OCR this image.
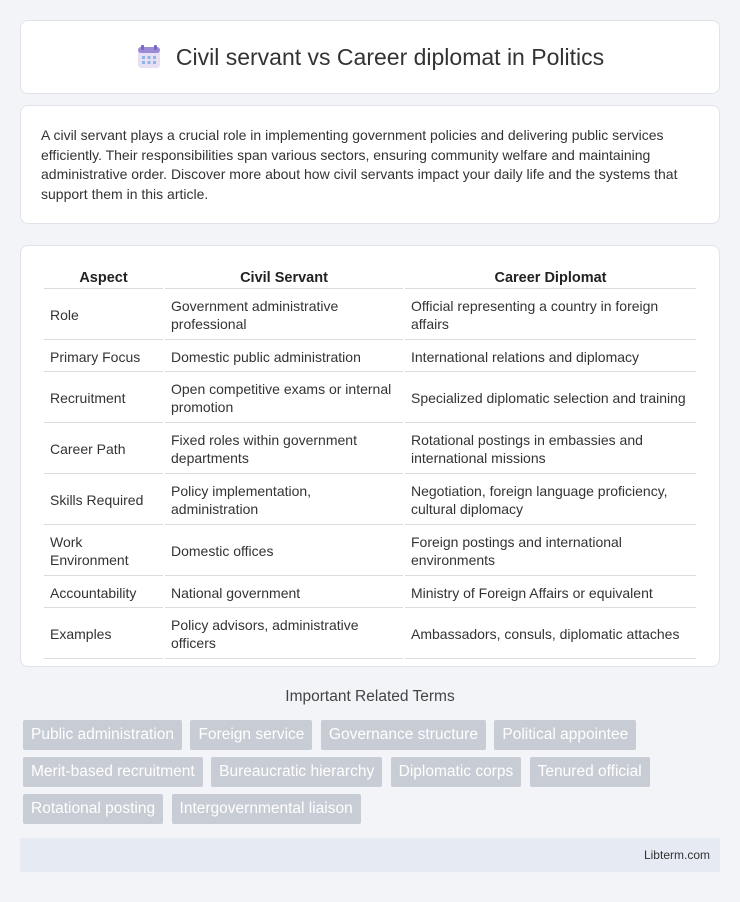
Civil servant vs Career diplomat in Politics

A civil servant plays a crucial role in implementing government policies and delivering public services efficiently. Their responsibilities span various sectors, ensuring community welfare and maintaining administrative order. Discover more about how civil servants impact your daily life and the systems that support them in this article.

Aspect	Civil Servant	Career Diplomat
Role	Government administrative professional	Official representing a country in foreign affairs
Primary Focus	Domestic public administration	International relations and diplomacy
Recruitment	Open competitive exams or internal promotion	Specialized diplomatic selection and training
Career Path	Fixed roles within government departments	Rotational postings in embassies and international missions
Skills Required	Policy implementation, administration	Negotiation, foreign language proficiency, cultural diplomacy
Work Environment	Domestic offices	Foreign postings and international environments
Accountability	National government	Ministry of Foreign Affairs or equivalent
Examples	Policy advisors, administrative officers	Ambassadors, consuls, diplomatic attaches
Important Related Terms
Public administration Foreign service Governance structure Political appointee Merit-based recruitment Bureaucratic hierarchy Diplomatic corps Tenured official Rotational posting Intergovernmental liaison
Libterm.com
